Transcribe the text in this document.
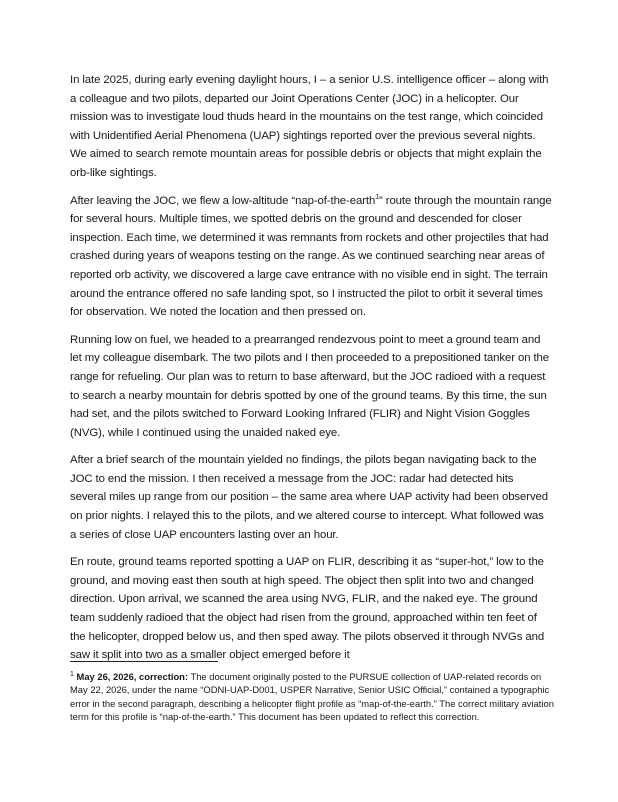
In late 2025, during early evening daylight hours, I – a senior U.S. intelligence officer – along with a colleague and two pilots, departed our Joint Operations Center (JOC) in a helicopter. Our mission was to investigate loud thuds heard in the mountains on the test range, which coincided with Unidentified Aerial Phenomena (UAP) sightings reported over the previous several nights. We aimed to search remote mountain areas for possible debris or objects that might explain the orb-like sightings.

After leaving the JOC, we flew a low-altitude “nap-of-the-earth$^1$” route through the mountain range for several hours. Multiple times, we spotted debris on the ground and descended for closer inspection. Each time, we determined it was remnants from rockets and other projectiles that had crashed during years of weapons testing on the range. As we continued searching near areas of reported orb activity, we discovered a large cave entrance with no visible end in sight. The terrain around the entrance offered no safe landing spot, so I instructed the pilot to orbit it several times for observation. We noted the location and then pressed on.

Running low on fuel, we headed to a prearranged rendezvous point to meet a ground team and let my colleague disembark. The two pilots and I then proceeded to a prepositioned tanker on the range for refueling. Our plan was to return to base afterward, but the JOC radioed with a request to search a nearby mountain for debris spotted by one of the ground teams. By this time, the sun had set, and the pilots switched to Forward Looking Infrared (FLIR) and Night Vision Goggles (NVG), while I continued using the unaided naked eye.

After a brief search of the mountain yielded no findings, the pilots began navigating back to the JOC to end the mission. I then received a message from the JOC: radar had detected hits several miles up range from our position – the same area where UAP activity had been observed on prior nights. I relayed this to the pilots, and we altered course to intercept. What followed was a series of close UAP encounters lasting over an hour.

En route, ground teams reported spotting a UAP on FLIR, describing it as “super-hot,” low to the ground, and moving east then south at high speed. The object then split into two and changed direction. Upon arrival, we scanned the area using NVG, FLIR, and the naked eye. The ground team suddenly radioed that the object had risen from the ground, approached within ten feet of the helicopter, dropped below us, and then sped away. The pilots observed it through NVGs and saw it split into two as a smaller object emerged before it

$^1$ May 26, 2026, correction: The document originally posted to the PURSUE collection of UAP-related records on May 22, 2026, under the name “ODNI-UAP-D001, USPER Narrative, Senior USIC Official,” contained a typographic error in the second paragraph, describing a helicopter flight profile as “map-of-the-earth.” The correct military aviation term for this profile is “nap-of-the-earth.” This document has been updated to reflect this correction.
